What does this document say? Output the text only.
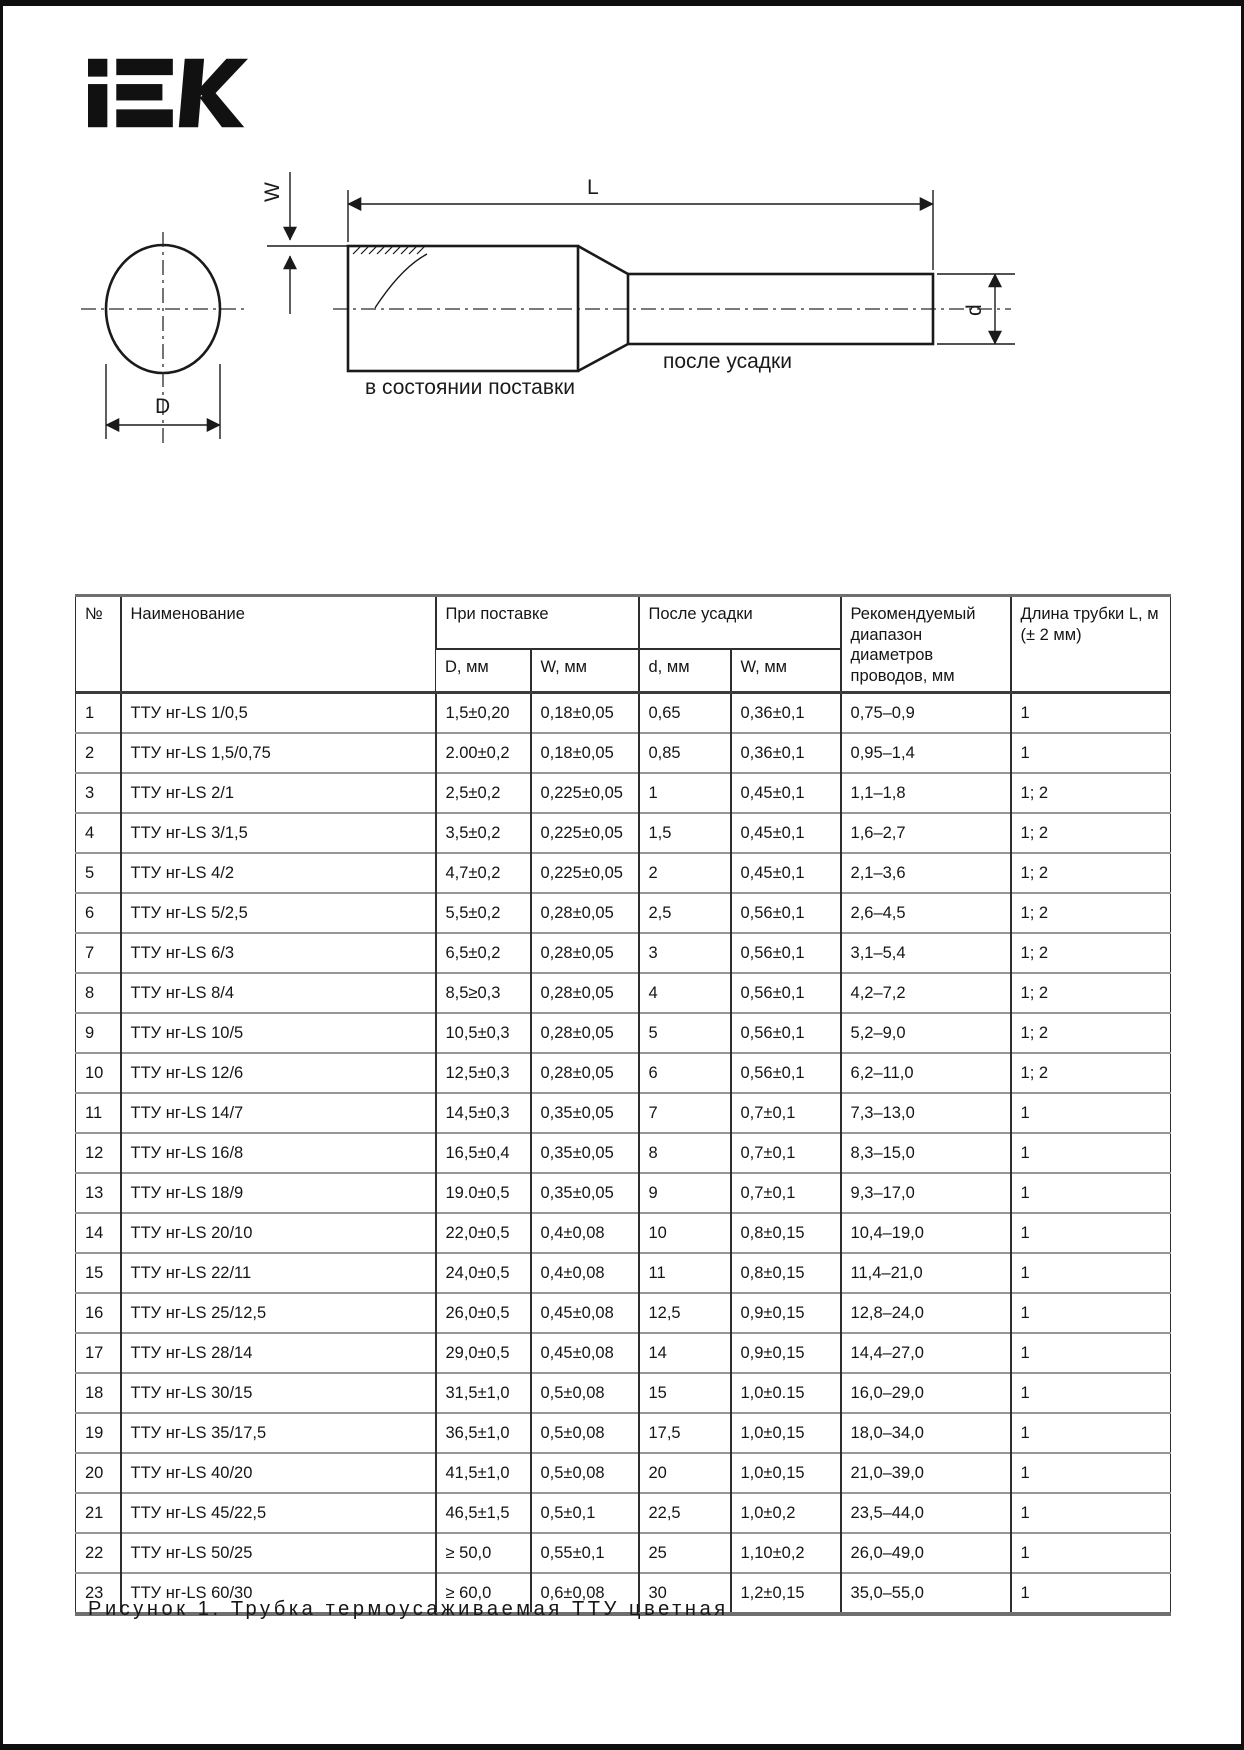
D
W	L
d
после усадки
в состоянии поставки
№	Наименование	При поставке		После усадки		Рекомендуемый диапазон диаметров проводов, мм	Длина трубки L, м (± 2 мм)
		D, мм	W, мм	d, мм	W, мм		
1	ТТУ нг-LS 1/0,5	1,5±0,20	0,18±0,05	0,65	0,36±0,1	0,75–0,9	1
2	ТТУ нг-LS 1,5/0,75	2.00±0,2	0,18±0,05	0,85	0,36±0,1	0,95–1,4	1
3	ТТУ нг-LS 2/1	2,5±0,2	0,225±0,05	1	0,45±0,1	1,1–1,8	1; 2
4	ТТУ нг-LS 3/1,5	3,5±0,2	0,225±0,05	1,5	0,45±0,1	1,6–2,7	1; 2
5	ТТУ нг-LS 4/2	4,7±0,2	0,225±0,05	2	0,45±0,1	2,1–3,6	1; 2
6	ТТУ нг-LS 5/2,5	5,5±0,2	0,28±0,05	2,5	0,56±0,1	2,6–4,5	1; 2
7	ТТУ нг-LS 6/3	6,5±0,2	0,28±0,05	3	0,56±0,1	3,1–5,4	1; 2
8	ТТУ нг-LS 8/4	8,5≥0,3	0,28±0,05	4	0,56±0,1	4,2–7,2	1; 2
9	ТТУ нг-LS 10/5	10,5±0,3	0,28±0,05	5	0,56±0,1	5,2–9,0	1; 2
10	ТТУ нг-LS 12/6	12,5±0,3	0,28±0,05	6	0,56±0,1	6,2–11,0	1; 2
11	ТТУ нг-LS 14/7	14,5±0,3	0,35±0,05	7	0,7±0,1	7,3–13,0	1
12	ТТУ нг-LS 16/8	16,5±0,4	0,35±0,05	8	0,7±0,1	8,3–15,0	1
13	ТТУ нг-LS 18/9	19.0±0,5	0,35±0,05	9	0,7±0,1	9,3–17,0	1
14	ТТУ нг-LS 20/10	22,0±0,5	0,4±0,08	10	0,8±0,15	10,4–19,0	1
15	ТТУ нг-LS 22/11	24,0±0,5	0,4±0,08	11	0,8±0,15	11,4–21,0	1
16	ТТУ нг-LS 25/12,5	26,0±0,5	0,45±0,08	12,5	0,9±0,15	12,8–24,0	1
17	ТТУ нг-LS 28/14	29,0±0,5	0,45±0,08	14	0,9±0,15	14,4–27,0	1
18	ТТУ нг-LS 30/15	31,5±1,0	0,5±0,08	15	1,0±0.15	16,0–29,0	1
19	ТТУ нг-LS 35/17,5	36,5±1,0	0,5±0,08	17,5	1,0±0,15	18,0–34,0	1
20	ТТУ нг-LS 40/20	41,5±1,0	0,5±0,08	20	1,0±0,15	21,0–39,0	1
21	ТТУ нг-LS 45/22,5	46,5±1,5	0,5±0,1	22,5	1,0±0,2	23,5–44,0	1
22	ТТУ нг-LS 50/25	≥ 50,0	0,55±0,1	25	1,10±0,2	26,0–49,0	1
23	ТТУ нг-LS 60/30	≥ 60,0	0,6±0,08	30	1,2±0,15	35,0–55,0	1
Рисунок 1. Трубка термоусаживаемая ТТУ цветная
